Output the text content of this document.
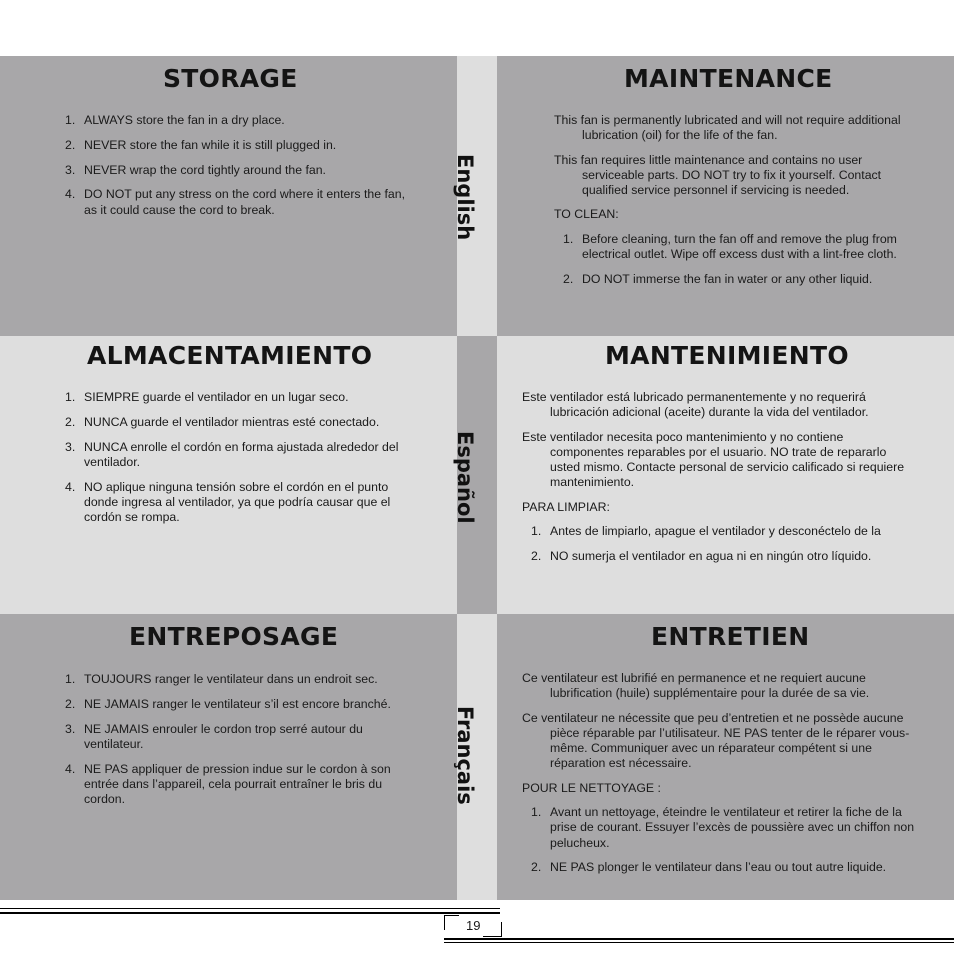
STORAGE
1. ALWAYS store the fan in a dry place.
2. NEVER store the fan while it is still plugged in.
3. NEVER wrap the cord tightly around the fan.
4. DO NOT put any stress on the cord where it enters the fan, as it could cause the cord to break.	English
MAINTENANCE

This fan is permanently lubricated and will not require additional lubrication (oil) for the life of the fan.

This fan requires little maintenance and contains no user serviceable parts. DO NOT try to fix it yourself. Contact qualified service personnel if servicing is needed.

TO CLEAN:

1. Before cleaning, turn the fan off and remove the plug from electrical outlet. Wipe off excess dust with a lint-free cloth.
2. DO NOT immerse the fan in water or any other liquid.
ALMACENTAMIENTO
1. SIEMPRE guarde el ventilador en un lugar seco.
2. NUNCA guarde el ventilador mientras esté conectado.
3. NUNCA enrolle el cordón en forma ajustada alrededor del ventilador.
4. NO aplique ninguna tensión sobre el cordón en el punto donde ingresa al ventilador, ya que podría causar que el cordón se rompa.	Español
MANTENIMIENTO

Este ventilador está lubricado permanentemente y no requerirá lubricación adicional (aceite) durante la vida del ventilador.

Este ventilador necesita poco mantenimiento y no contiene componentes reparables por el usuario. NO trate de repararlo usted mismo. Contacte personal de servicio calificado si requiere mantenimiento.

PARA LIMPIAR:

1. Antes de limpiarlo, apague el ventilador y desconéctelo de la
2. NO sumerja el ventilador en agua ni en ningún otro líquido.
ENTREPOSAGE
1. TOUJOURS ranger le ventilateur dans un endroit sec.
2. NE JAMAIS ranger le ventilateur s’il est encore branché.
3. NE JAMAIS enrouler le cordon trop serré autour du ventilateur.
4. NE PAS appliquer de pression indue sur le cordon à son entrée dans l’appareil, cela pourrait entraîner le bris du cordon.	Français
ENTRETIEN

Ce ventilateur est lubrifié en permanence et ne requiert aucune lubrification (huile) supplémentaire pour la durée de sa vie.

Ce ventilateur ne nécessite que peu d’entretien et ne possède aucune pièce réparable par l’utilisateur. NE PAS tenter de le réparer vous-même. Communiquer avec un réparateur compétent si une réparation est nécessaire.

POUR LE NETTOYAGE :

1. Avant un nettoyage, éteindre le ventilateur et retirer la fiche de la prise de courant. Essuyer l’excès de poussière avec un chiffon non pelucheux.
2. NE PAS plonger le ventilateur dans l’eau ou tout autre liquide.
19
